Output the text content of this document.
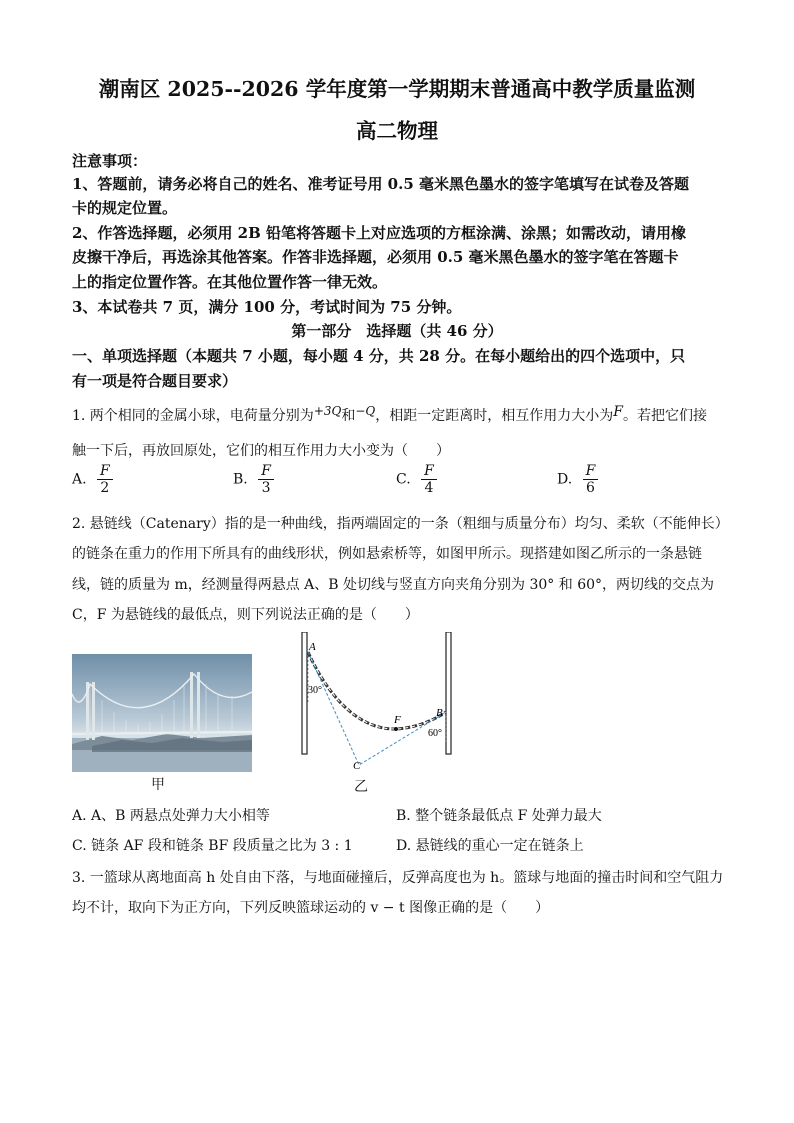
潮南区 2025--2026 学年度第一学期期末普通高中教学质量监测
高二物理
注意事项：
1、答题前，请务必将自己的姓名、准考证号用 0.5 毫米黑色墨水的签字笔填写在试卷及答题
卡的规定位置。
2、作答选择题，必须用 2B 铅笔将答题卡上对应选项的方框涂满、涂黑；如需改动，请用橡
皮擦干净后，再选涂其他答案。作答非选择题，必须用 0.5 毫米黑色墨水的签字笔在答题卡
上的指定位置作答。在其他位置作答一律无效。
3、本试卷共 7 页，满分 100 分，考试时间为 75 分钟。
第一部分　选择题（共 46 分）
一、单项选择题（本题共 7 小题，每小题 4 分，共 28 分。在每小题给出的四个选项中，只
有一项是符合题目要求）
1. 两个相同的金属小球，电荷量分别为+3Q和−Q，相距一定距离时，相互作用力大小为F。若把它们接
触一下后，再放回原处，它们的相互作用力大小变为（　　）
A. $\frac{F}{2}$	B. $\frac{F}{3}$	C. $\frac{F}{4}$	D. $\frac{F}{6}$
2. 悬链线（Catenary）指的是一种曲线，指两端固定的一条（粗细与质量分布）均匀、柔软（不能伸长）
的链条在重力的作用下所具有的曲线形状，例如悬索桥等，如图甲所示。现搭建如图乙所示的一条悬链
线，链的质量为 m，经测量得两悬点 A、B 处切线与竖直方向夹角分别为 30° 和 60°，两切线的交点为
C，F 为悬链线的最低点，则下列说法正确的是（　　）
甲
A
B
F
C
30°
60°
乙
A. A、B 两悬点处弹力大小相等	B. 整个链条最低点 F 处弹力最大
C. 链条 AF 段和链条 BF 段质量之比为 3 : 1	D. 悬链线的重心一定在链条上
3. 一篮球从离地面高 h 处自由下落，与地面碰撞后，反弹高度也为 h。篮球与地面的撞击时间和空气阻力
均不计，取向下为正方向，下列反映篮球运动的 v − t 图像正确的是（　　）
